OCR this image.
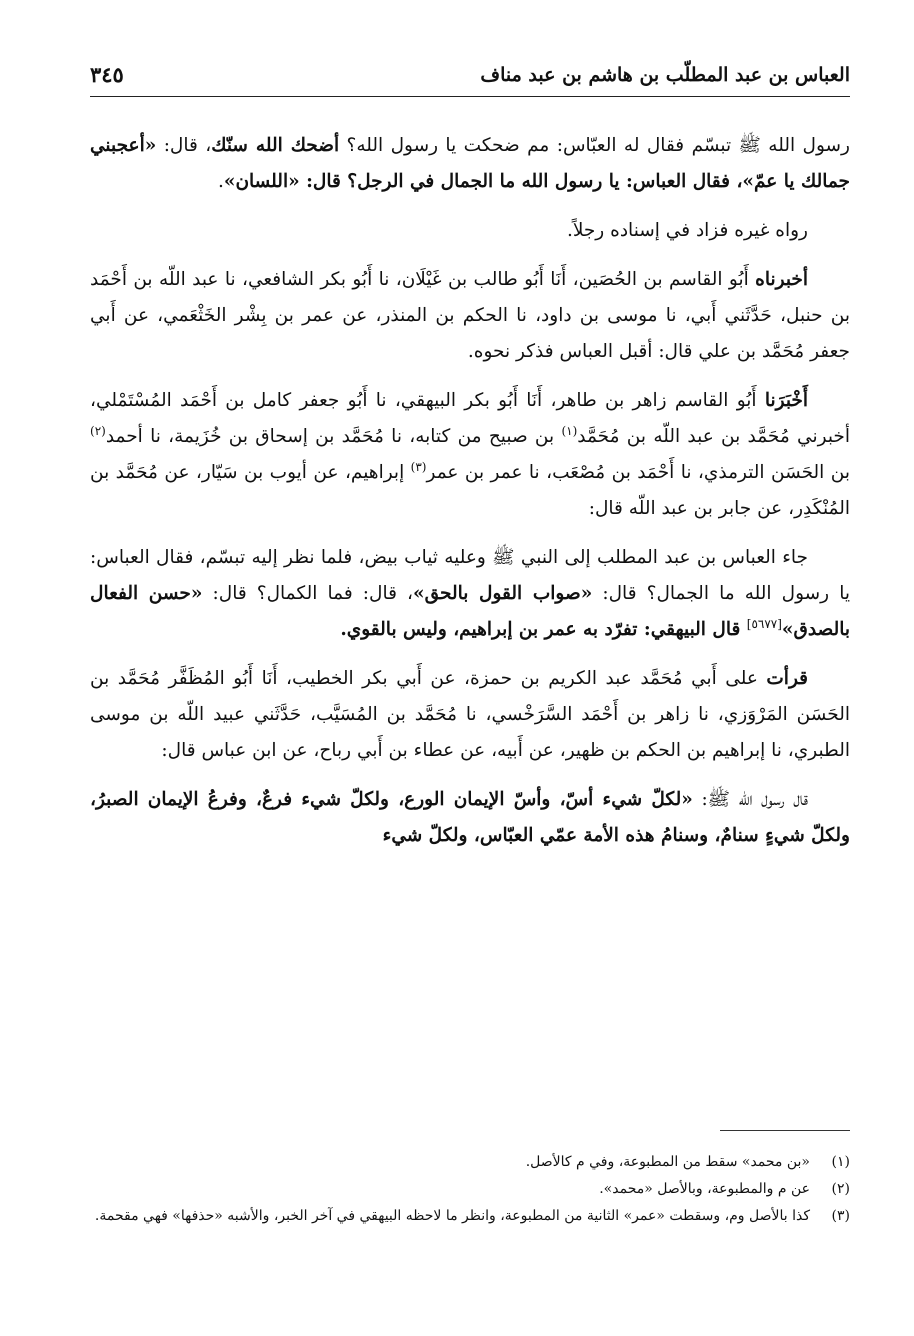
العباس بن عبد المطلّب بن هاشم بن عبد مناف
٣٤٥

رسول الله ﷺ تبسّم فقال له العبّاس: مم ضحكت يا رسول الله؟ أضحك الله سنّك، قال: «أعجبني جمالك يا عمّ»، فقال العباس: يا رسول الله ما الجمال في الرجل؟ قال: «اللسان».

رواه غيره فزاد في إسناده رجلاً.

أخبرناه أَبُو القاسم بن الحُصَين، أَنَا أَبُو طالب بن غَيْلَان، نا أَبُو بكر الشافعي، نا عبد اللّه بن أَحْمَد بن حنبل، حَدَّثَني أَبي، نا موسى بن داود، نا الحكم بن المنذر، عن عمر بن بِشْر الخَثْعَمي، عن أَبي جعفر مُحَمَّد بن علي قال: أقبل العباس فذكر نحوه.

أَخْبَرَنا أَبُو القاسم زاهر بن طاهر، أَنَا أَبُو بكر البيهقي، نا أَبُو جعفر كامل بن أَحْمَد المُسْتَمْلي، أخبرني مُحَمَّد بن عبد اللّه بن مُحَمَّد$^{(١)}$ بن صبيح من كتابه، نا مُحَمَّد بن إسحاق بن خُزَيمة، نا أحمد$^{(٢)}$ بن الحَسَن الترمذي، نا أَحْمَد بن مُصْعَب، نا عمر بن عمر$^{(٣)}$ إبراهيم، عن أيوب بن سَيّار، عن مُحَمَّد بن المُنْكَدِر، عن جابر بن عبد اللّه قال:

جاء العباس بن عبد المطلب إلى النبي ﷺ وعليه ثياب بيض، فلما نظر إليه تبسّم، فقال العباس: يا رسول الله ما الجمال؟ قال: «صواب القول بالحق»، قال: فما الكمال؟ قال: «حسن الفعال بالصدق»[٥٦٧٧] قال البيهقي: تفرّد به عمر بن إبراهيم، وليس بالقوي.

قرأت على أَبي مُحَمَّد عبد الكريم بن حمزة، عن أَبي بكر الخطيب، أَنَا أَبُو المُظَفَّر مُحَمَّد بن الحَسَن المَرْوَزي، نا زاهر بن أَحْمَد السَّرَخْسي، نا مُحَمَّد بن المُسَيَّب، حَدَّثَني عبيد اللّه بن موسى الطبري، نا إبراهيم بن الحكم بن ظهير، عن أَبيه، عن عطاء بن أَبي رباح، عن ابن عباس قال:

قال رسول الله ﷺ: «لكلّ شيء أسّ، وأسّ الإيمان الورع، ولكلّ شيء فرعٌ، وفرعُ الإيمان الصبرُ، ولكلّ شيءٍ سنامٌ، وسنامُ هذه الأمة عمّي العبّاس، ولكلّ شيء

(١)
«بن محمد» سقط من المطبوعة، وفي م كالأصل.
(٢)
عن م والمطبوعة، وبالأصل «محمد».
(٣)
كذا بالأصل وم، وسقطت «عمر» الثانية من المطبوعة، وانظر ما لاحظه البيهقي في آخر الخبر، والأشبه «حذفها» فهي مقحمة.
